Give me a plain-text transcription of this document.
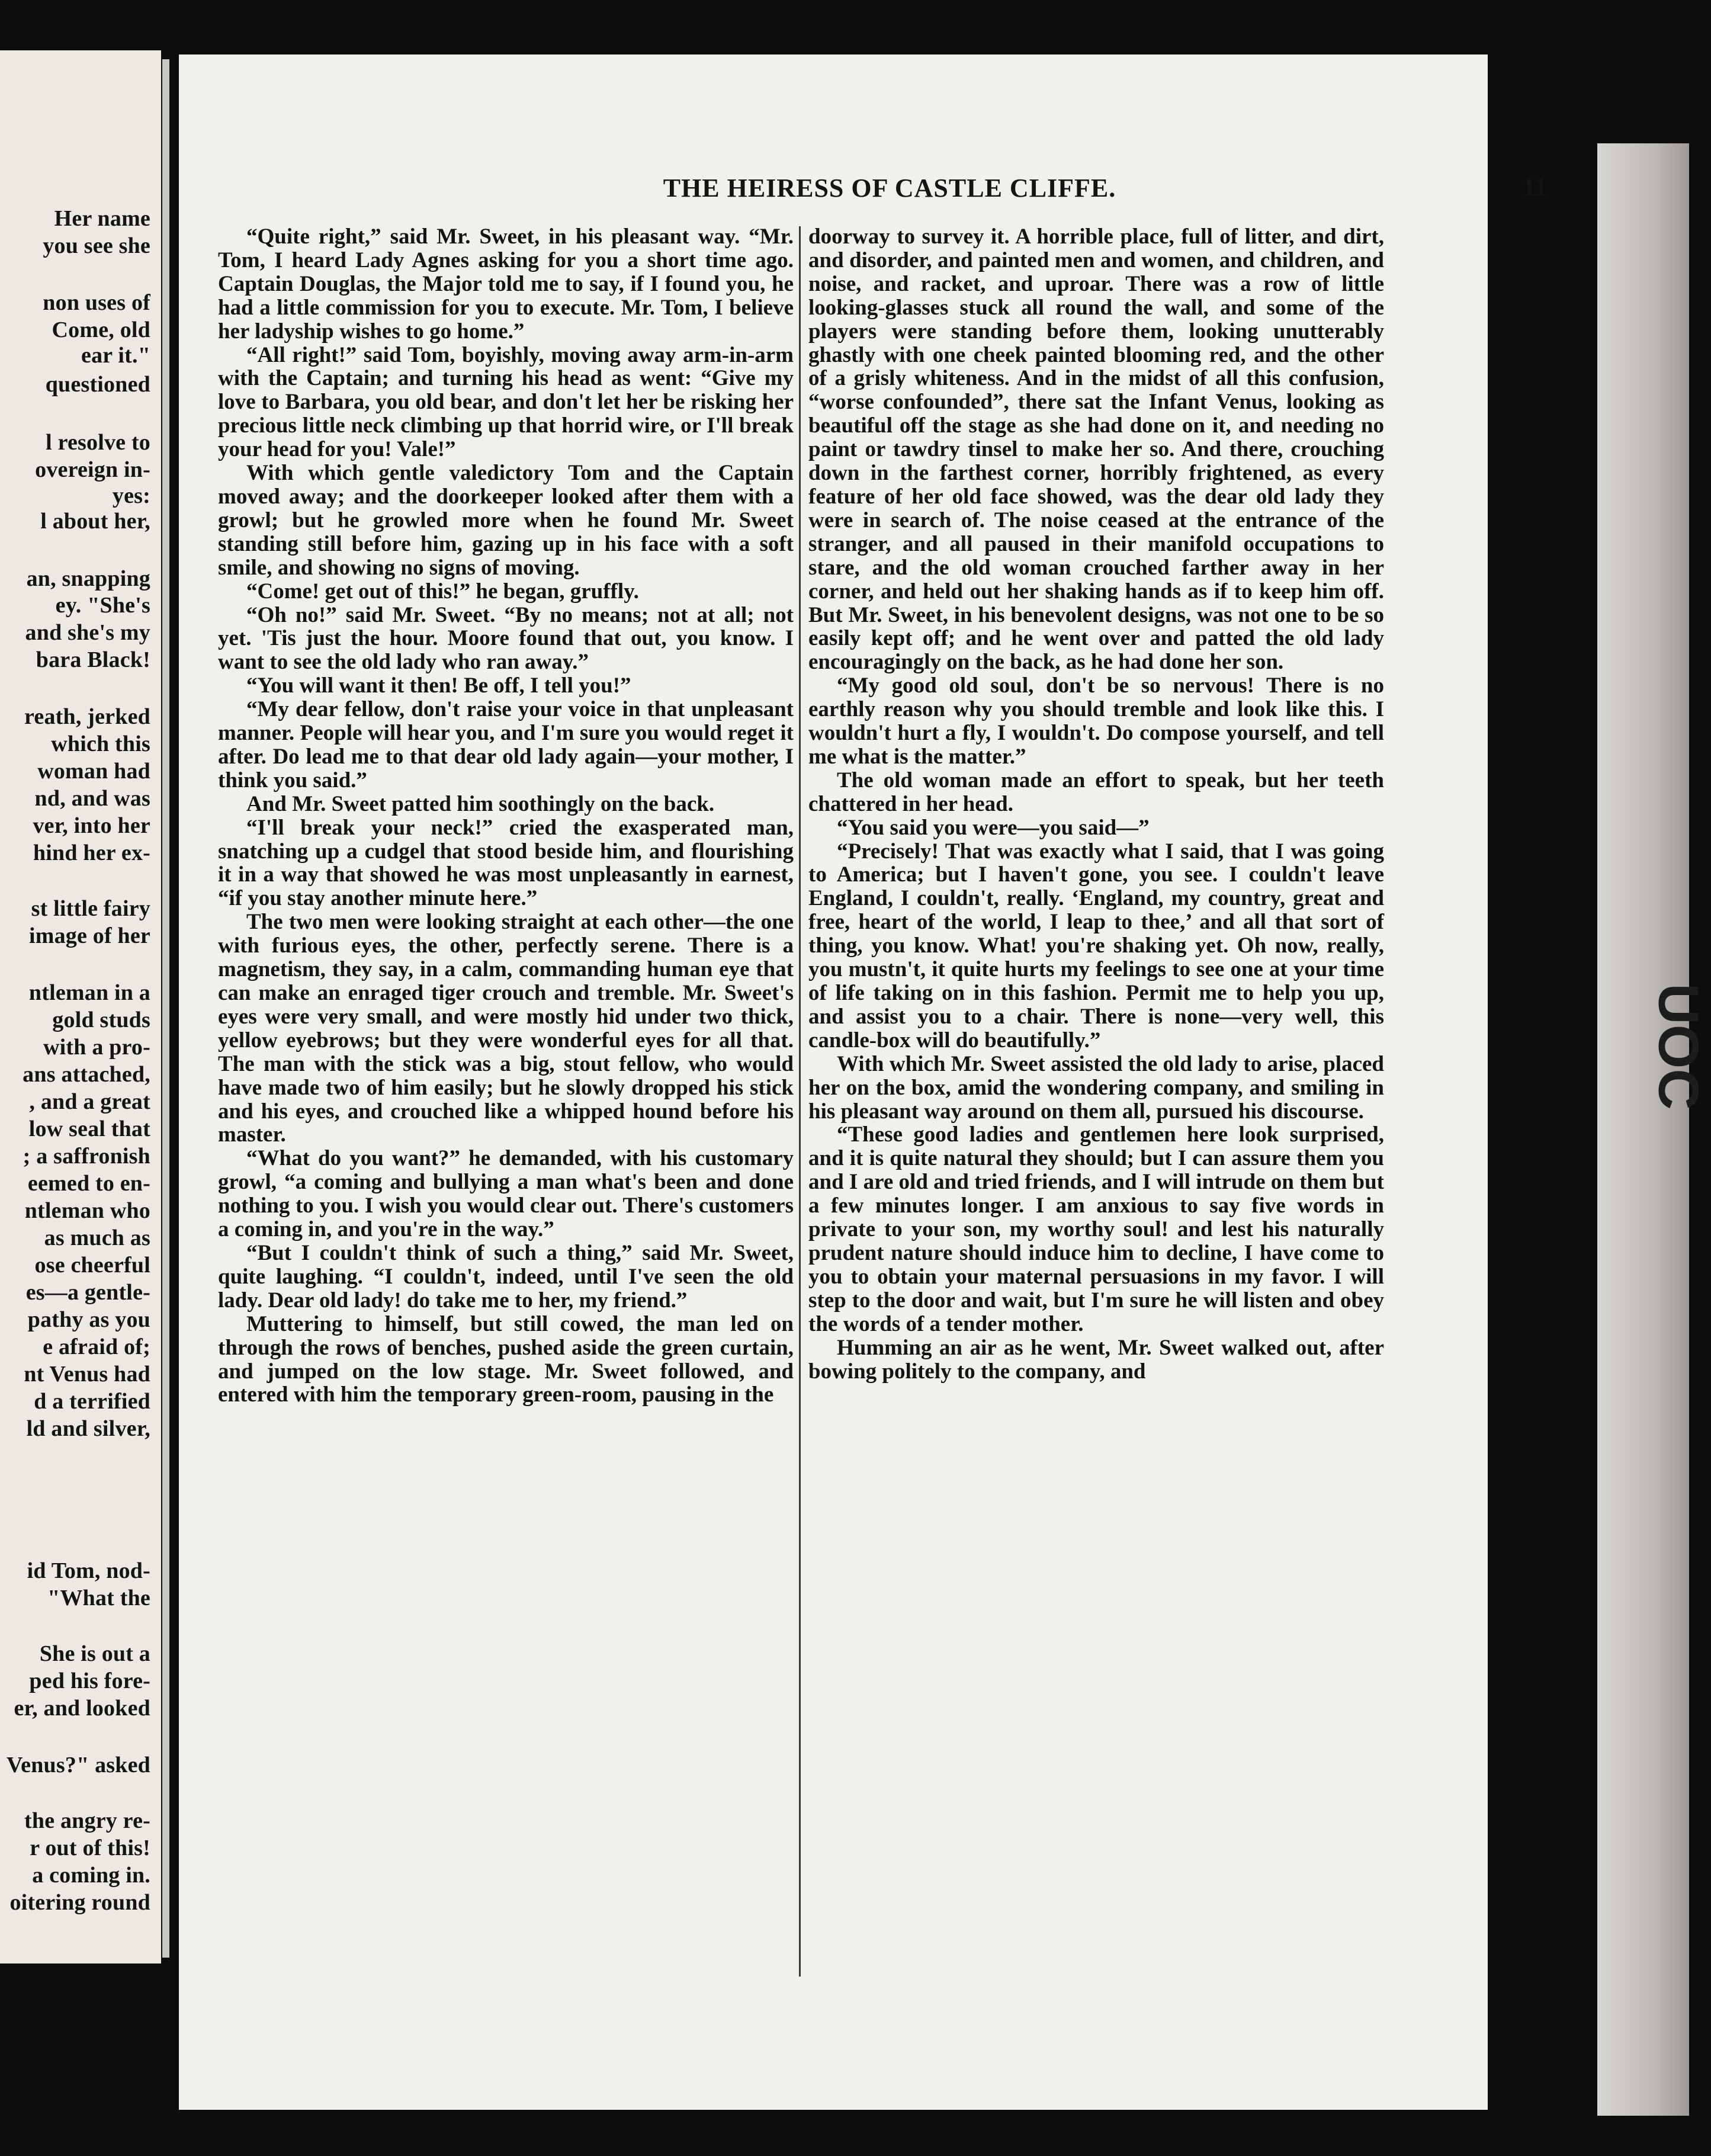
Her name
you see she
non uses of
Come, old
ear it."
questioned
l resolve to
overeign in-
yes:
l about her,
an, snapping
ey. "She's
and she's my
bara Black!
reath, jerked
which this
woman had
nd, and was
ver, into her
hind her ex-
st little fairy
image of her
ntleman in a
gold studs
with a pro-
ans attached,
, and a great
low seal that
; a saffronish
eemed to en-
ntleman who
as much as
ose cheerful
es—a gentle-
pathy as you
e afraid of;
nt Venus had
d a terrified
ld and silver,
id Tom, nod-
"What the
She is out a
ped his fore-
er, and looked
Venus?" asked
the angry re-
r out of this!
a coming in.
oitering round
UOC
THE HEIRESS OF CASTLE CLIFFE.	11

“Quite right,” said Mr. Sweet, in his pleasant way. “Mr. Tom, I heard Lady Agnes asking for you a short time ago. Captain Douglas, the Major told me to say, if I found you, he had a little commission for you to execute. Mr. Tom, I believe her ladyship wishes to go home.”

“All right!” said Tom, boyishly, moving away arm-in-arm with the Captain; and turning his head as went: “Give my love to Barbara, you old bear, and don't let her be risking her precious little neck climbing up that horrid wire, or I'll break your head for you! Vale!”

With which gentle valedictory Tom and the Captain moved away; and the doorkeeper looked after them with a growl; but he growled more when he found Mr. Sweet standing still before him, gazing up in his face with a soft smile, and showing no signs of moving.

“Come! get out of this!” he began, gruffly.

“Oh no!” said Mr. Sweet. “By no means; not at all; not yet. 'Tis just the hour. Moore found that out, you know. I want to see the old lady who ran away.”

“You will want it then! Be off, I tell you!”

“My dear fellow, don't raise your voice in that unpleasant manner. People will hear you, and I'm sure you would reget it after. Do lead me to that dear old lady again—your mother, I think you said.”

And Mr. Sweet patted him soothingly on the back.

“I'll break your neck!” cried the exasperated man, snatching up a cudgel that stood beside him, and flourishing it in a way that showed he was most unpleasantly in earnest, “if you stay another minute here.”

The two men were looking straight at each other—the one with furious eyes, the other, perfectly serene. There is a magnetism, they say, in a calm, commanding human eye that can make an enraged tiger crouch and tremble. Mr. Sweet's eyes were very small, and were mostly hid under two thick, yellow eyebrows; but they were wonderful eyes for all that. The man with the stick was a big, stout fellow, who would have made two of him easily; but he slowly dropped his stick and his eyes, and crouched like a whipped hound before his master.

“What do you want?” he demanded, with his customary growl, “a coming and bullying a man what's been and done nothing to you. I wish you would clear out. There's customers a coming in, and you're in the way.”

“But I couldn't think of such a thing,” said Mr. Sweet, quite laughing. “I couldn't, indeed, until I've seen the old lady. Dear old lady! do take me to her, my friend.”

Muttering to himself, but still cowed, the man led on through the rows of benches, pushed aside the green curtain, and jumped on the low stage. Mr. Sweet followed, and entered with him the temporary green-room, pausing in the

doorway to survey it. A horrible place, full of litter, and dirt, and disorder, and painted men and women, and children, and noise, and racket, and uproar. There was a row of little looking-glasses stuck all round the wall, and some of the players were standing before them, looking unutterably ghastly with one cheek painted blooming red, and the other of a grisly whiteness. And in the midst of all this confusion, “worse confounded”, there sat the Infant Venus, looking as beautiful off the stage as she had done on it, and needing no paint or tawdry tinsel to make her so. And there, crouching down in the farthest corner, horribly frightened, as every feature of her old face showed, was the dear old lady they were in search of. The noise ceased at the entrance of the stranger, and all paused in their manifold occupations to stare, and the old woman crouched farther away in her corner, and held out her shaking hands as if to keep him off. But Mr. Sweet, in his benevolent designs, was not one to be so easily kept off; and he went over and patted the old lady encouragingly on the back, as he had done her son.

“My good old soul, don't be so nervous! There is no earthly reason why you should tremble and look like this. I wouldn't hurt a fly, I wouldn't. Do compose yourself, and tell me what is the matter.”

The old woman made an effort to speak, but her teeth chattered in her head.

“You said you were—you said—”

“Precisely! That was exactly what I said, that I was going to America; but I haven't gone, you see. I couldn't leave England, I couldn't, really. ‘England, my country, great and free, heart of the world, I leap to thee,’ and all that sort of thing, you know. What! you're shaking yet. Oh now, really, you mustn't, it quite hurts my feelings to see one at your time of life taking on in this fashion. Permit me to help you up, and assist you to a chair. There is none—very well, this candle-box will do beautifully.”

With which Mr. Sweet assisted the old lady to arise, placed her on the box, amid the wondering company, and smiling in his pleasant way around on them all, pursued his discourse.

“These good ladies and gentlemen here look surprised, and it is quite natural they should; but I can assure them you and I are old and tried friends, and I will intrude on them but a few minutes longer. I am anxious to say five words in private to your son, my worthy soul! and lest his naturally prudent nature should induce him to decline, I have come to you to obtain your maternal persuasions in my favor. I will step to the door and wait, but I'm sure he will listen and obey the words of a tender mother.

Humming an air as he went, Mr. Sweet walked out, after bowing politely to the company, and
